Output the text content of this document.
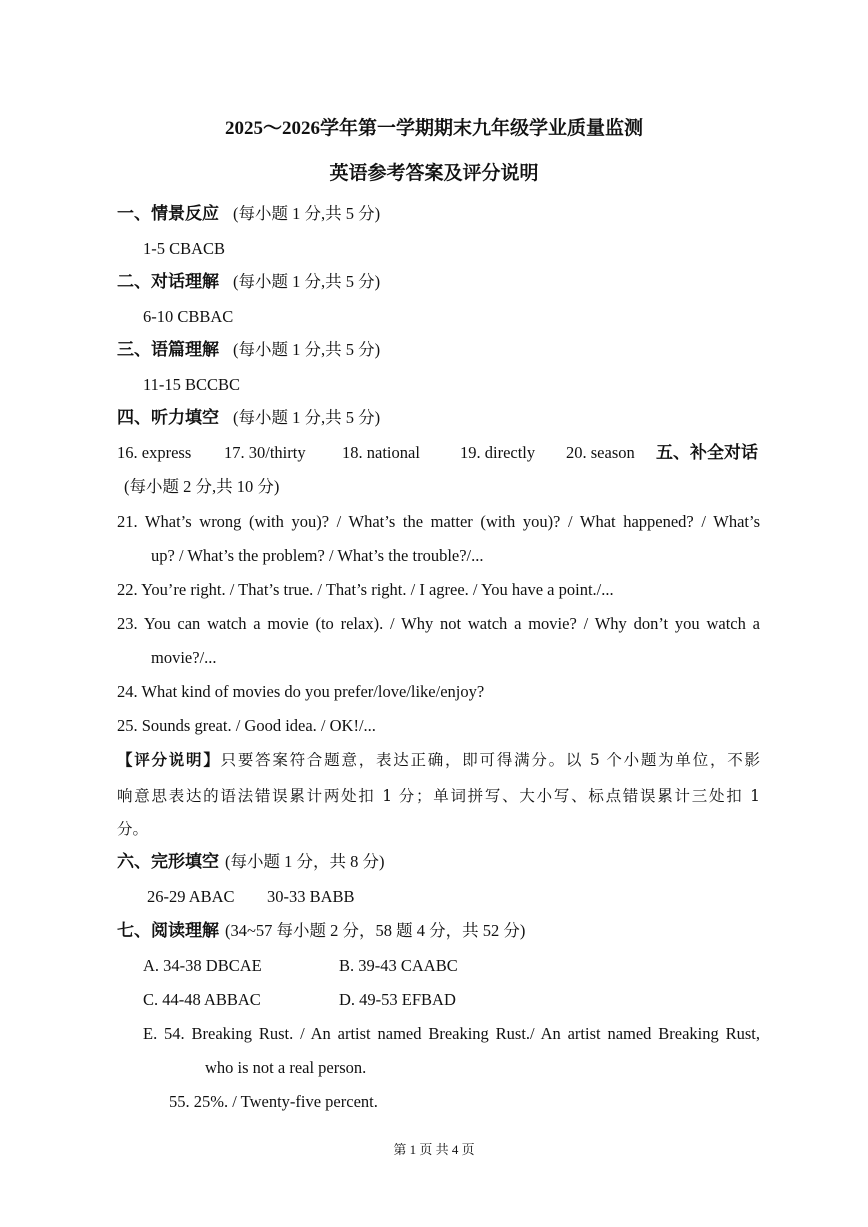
2025～2026学年第一学期期末九年级学业质量监测
英语参考答案及评分说明
一、情景反应 (每小题 1 分,共 5 分)
1-5 CBACB
二、对话理解 (每小题 1 分,共 5 分)
6-10 CBBAC
三、语篇理解 (每小题 1 分,共 5 分)
11-15 BCCBC
四、听力填空 (每小题 1 分,共 5 分)
16. express 17. 30/thirty 18. national 19. directly 20. season 五、补全对话
(每小题 2 分,共 10 分)
21. What’s wrong (with you)? / What’s the matter (with you)? / What happened? / What’s
up? / What’s the problem? / What’s the trouble?/...
22. You’re right. / That’s true. / That’s right. / I agree. / You have a point./...
23. You can watch a movie (to relax). / Why not watch a movie? / Why don’t you watch a
movie?/...
24. What kind of movies do you prefer/love/like/enjoy?
25. Sounds great. / Good idea. / OK!/...
【评分说明】只要答案符合题意，表达正确，即可得满分。以 5 个小题为单位，不影
响意思表达的语法错误累计两处扣 1 分；单词拼写、大小写、标点错误累计三处扣 1
分。
六、完形填空 (每小题 1 分，共 8 分)
26-29 ABAC 30-33 BABB
七、阅读理解 (34~57 每小题 2 分，58 题 4 分，共 52 分)
A. 34-38 DBCAE	B. 39-43 CAABC
C. 44-48 ABBAC	D. 49-53 EFBAD
E. 54. Breaking Rust. / An artist named Breaking Rust./ An artist named Breaking Rust,
who is not a real person.
55. 25%. / Twenty-five percent.
第 1 页 共 4 页
